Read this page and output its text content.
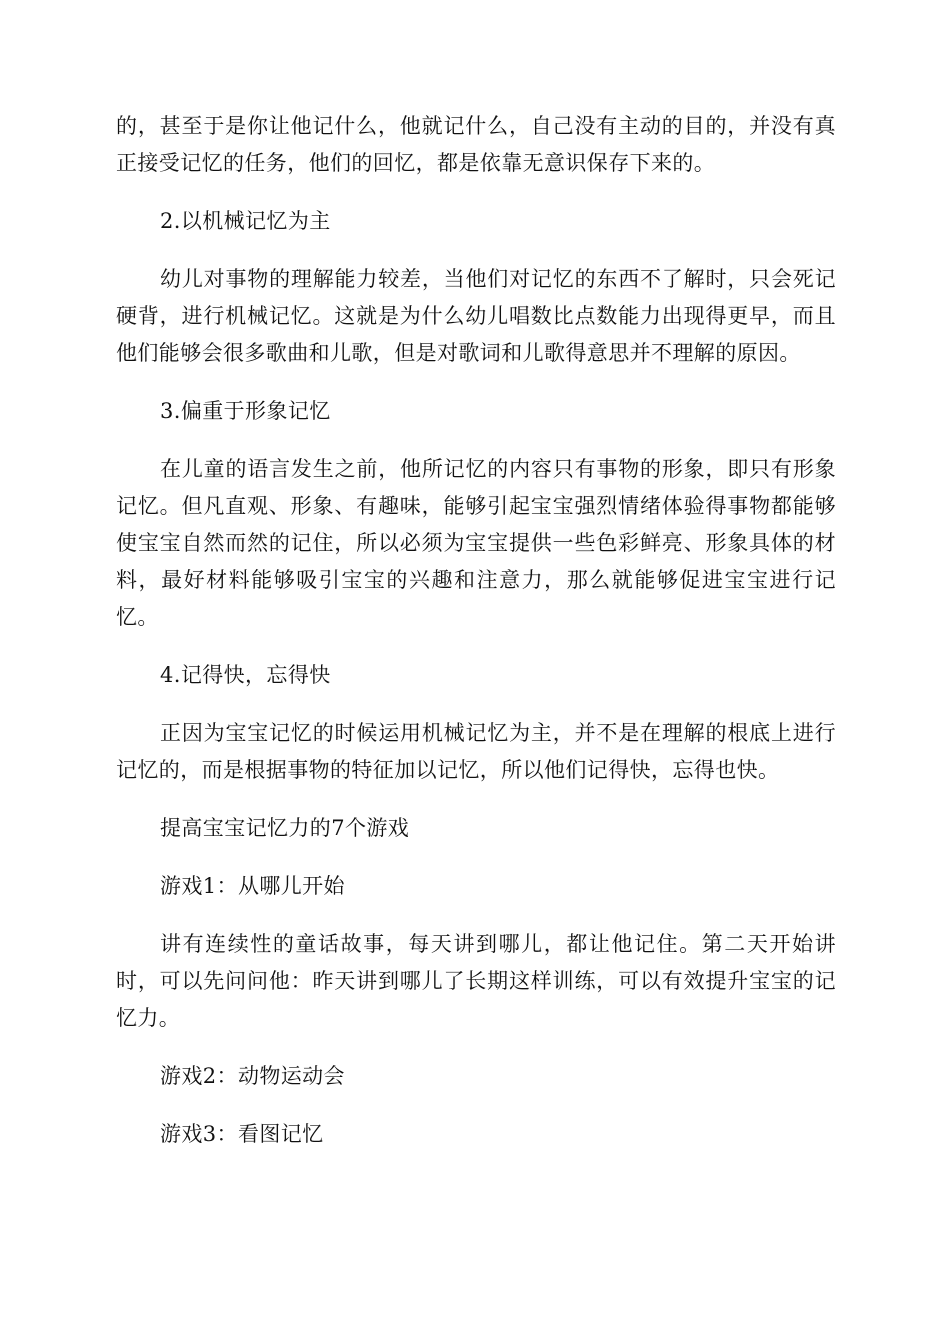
的，甚至于是你让他记什么，他就记什么，自己没有主动的目的，并没有真正接受记忆的任务，他们的回忆，都是依靠无意识保存下来的。

2.以机械记忆为主

幼儿对事物的理解能力较差，当他们对记忆的东西不了解时，只会死记硬背，进行机械记忆。这就是为什么幼儿唱数比点数能力出现得更早，而且他们能够会很多歌曲和儿歌，但是对歌词和儿歌得意思并不理解的原因。

3.偏重于形象记忆

在儿童的语言发生之前，他所记忆的内容只有事物的形象，即只有形象记忆。但凡直观、形象、有趣味，能够引起宝宝强烈情绪体验得事物都能够使宝宝自然而然的记住，所以必须为宝宝提供一些色彩鲜亮、形象具体的材料，最好材料能够吸引宝宝的兴趣和注意力，那么就能够促进宝宝进行记忆。

4.记得快，忘得快

正因为宝宝记忆的时候运用机械记忆为主，并不是在理解的根底上进行记忆的，而是根据事物的特征加以记忆，所以他们记得快，忘得也快。

提高宝宝记忆力的7个游戏

游戏1：从哪儿开始

讲有连续性的童话故事，每天讲到哪儿，都让他记住。第二天开始讲时，可以先问问他：昨天讲到哪儿了长期这样训练，可以有效提升宝宝的记忆力。

游戏2：动物运动会

游戏3：看图记忆
